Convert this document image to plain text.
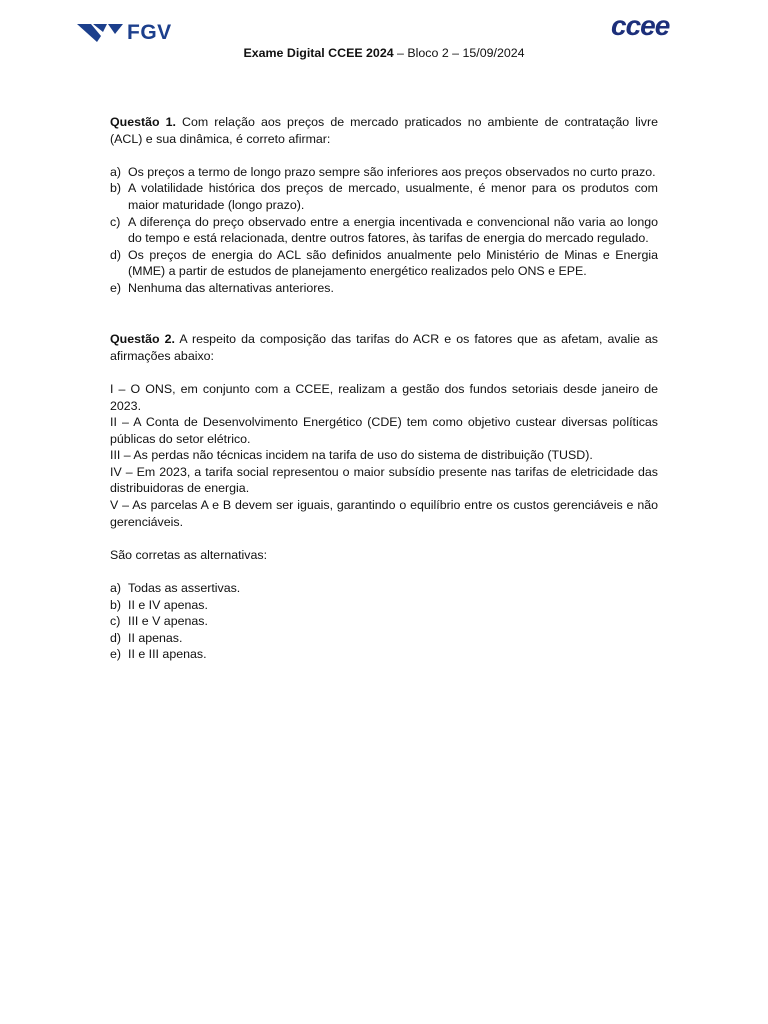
FGV	ccee
Exame Digital CCEE 2024 – Bloco 2 – 15/09/2024
Questão 1. Com relação aos preços de mercado praticados no ambiente de contratação livre (ACL) e sua dinâmica, é correto afirmar:
a) Os preços a termo de longo prazo sempre são inferiores aos preços observados no curto prazo.
b) A volatilidade histórica dos preços de mercado, usualmente, é menor para os produtos com maior maturidade (longo prazo).
c) A diferença do preço observado entre a energia incentivada e convencional não varia ao longo do tempo e está relacionada, dentre outros fatores, às tarifas de energia do mercado regulado.
d) Os preços de energia do ACL são definidos anualmente pelo Ministério de Minas e Energia (MME) a partir de estudos de planejamento energético realizados pelo ONS e EPE.
e) Nenhuma das alternativas anteriores.
Questão 2. A respeito da composição das tarifas do ACR e os fatores que as afetam, avalie as afirmações abaixo:
I – O ONS, em conjunto com a CCEE, realizam a gestão dos fundos setoriais desde janeiro de 2023.
II – A Conta de Desenvolvimento Energético (CDE) tem como objetivo custear diversas políticas públicas do setor elétrico.
III – As perdas não técnicas incidem na tarifa de uso do sistema de distribuição (TUSD).
IV – Em 2023, a tarifa social representou o maior subsídio presente nas tarifas de eletricidade das distribuidoras de energia.
V – As parcelas A e B devem ser iguais, garantindo o equilíbrio entre os custos gerenciáveis e não gerenciáveis.
São corretas as alternativas:
a) Todas as assertivas.
b) II e IV apenas.
c) III e V apenas.
d) II apenas.
e) II e III apenas.
